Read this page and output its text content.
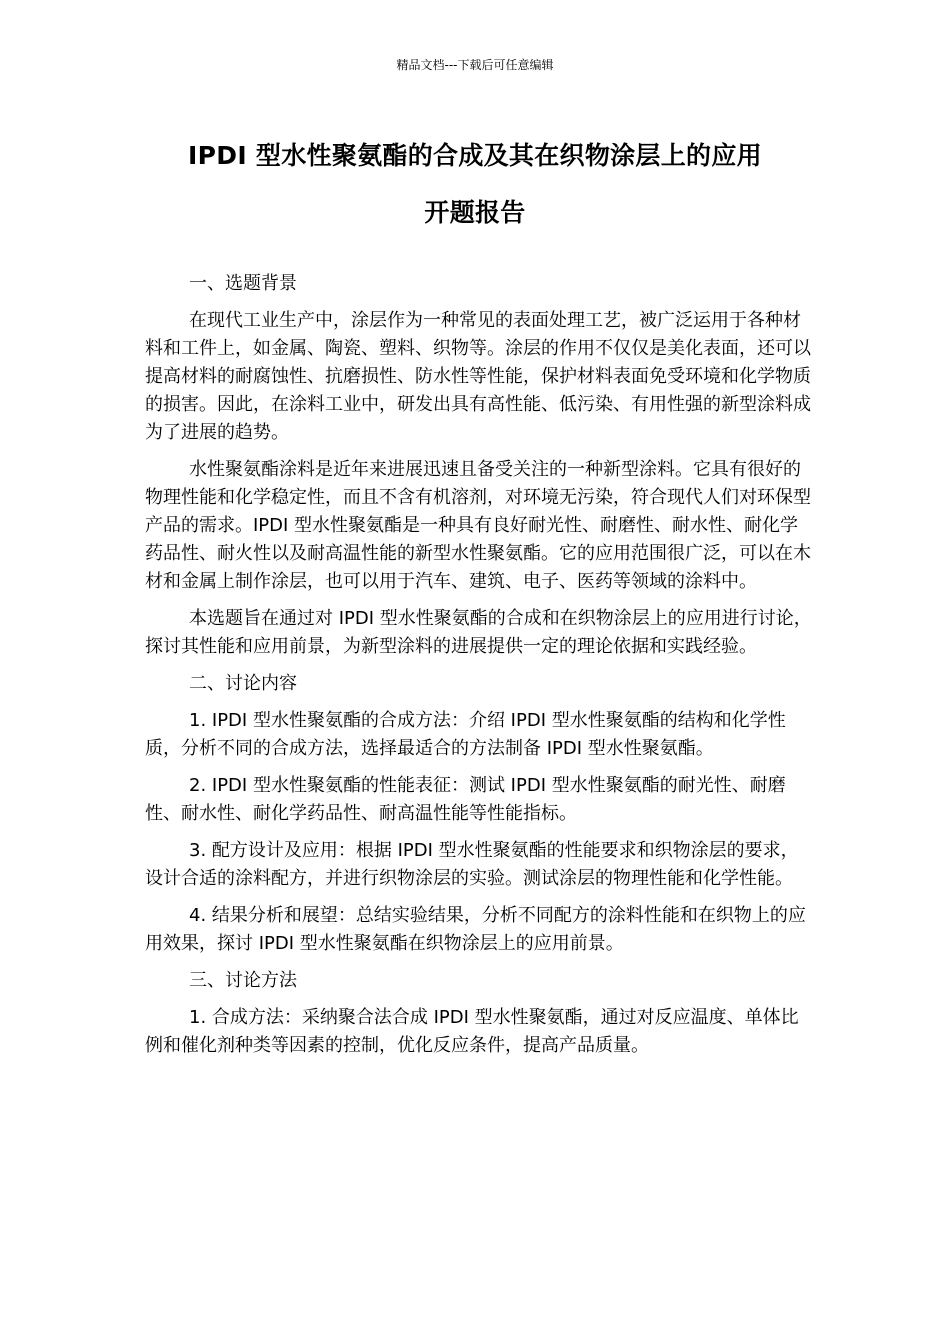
精品文档---下载后可任意编辑
IPDI 型水性聚氨酯的合成及其在织物涂层上的应用
开题报告

一、选题背景

在现代工业生产中，涂层作为一种常见的表面处理工艺，被广泛运用于各种材料和工件上，如金属、陶瓷、塑料、织物等。涂层的作用不仅仅是美化表面，还可以提高材料的耐腐蚀性、抗磨损性、防水性等性能，保护材料表面免受环境和化学物质的损害。因此，在涂料工业中，研发出具有高性能、低污染、有用性强的新型涂料成为了进展的趋势。

水性聚氨酯涂料是近年来进展迅速且备受关注的一种新型涂料。它具有很好的物理性能和化学稳定性，而且不含有机溶剂，对环境无污染，符合现代人们对环保型产品的需求。IPDI 型水性聚氨酯是一种具有良好耐光性、耐磨性、耐水性、耐化学药品性、耐火性以及耐高温性能的新型水性聚氨酯。它的应用范围很广泛，可以在木材和金属上制作涂层，也可以用于汽车、建筑、电子、医药等领域的涂料中。

本选题旨在通过对 IPDI 型水性聚氨酯的合成和在织物涂层上的应用进行讨论，探讨其性能和应用前景，为新型涂料的进展提供一定的理论依据和实践经验。

二、讨论内容

1. IPDI 型水性聚氨酯的合成方法：介绍 IPDI 型水性聚氨酯的结构和化学性质，分析不同的合成方法，选择最适合的方法制备 IPDI 型水性聚氨酯。

2. IPDI 型水性聚氨酯的性能表征：测试 IPDI 型水性聚氨酯的耐光性、耐磨性、耐水性、耐化学药品性、耐高温性能等性能指标。

3. 配方设计及应用：根据 IPDI 型水性聚氨酯的性能要求和织物涂层的要求，设计合适的涂料配方，并进行织物涂层的实验。测试涂层的物理性能和化学性能。

4. 结果分析和展望：总结实验结果，分析不同配方的涂料性能和在织物上的应用效果，探讨 IPDI 型水性聚氨酯在织物涂层上的应用前景。

三、讨论方法

1. 合成方法：采纳聚合法合成 IPDI 型水性聚氨酯，通过对反应温度、单体比例和催化剂种类等因素的控制，优化反应条件，提高产品质量。
